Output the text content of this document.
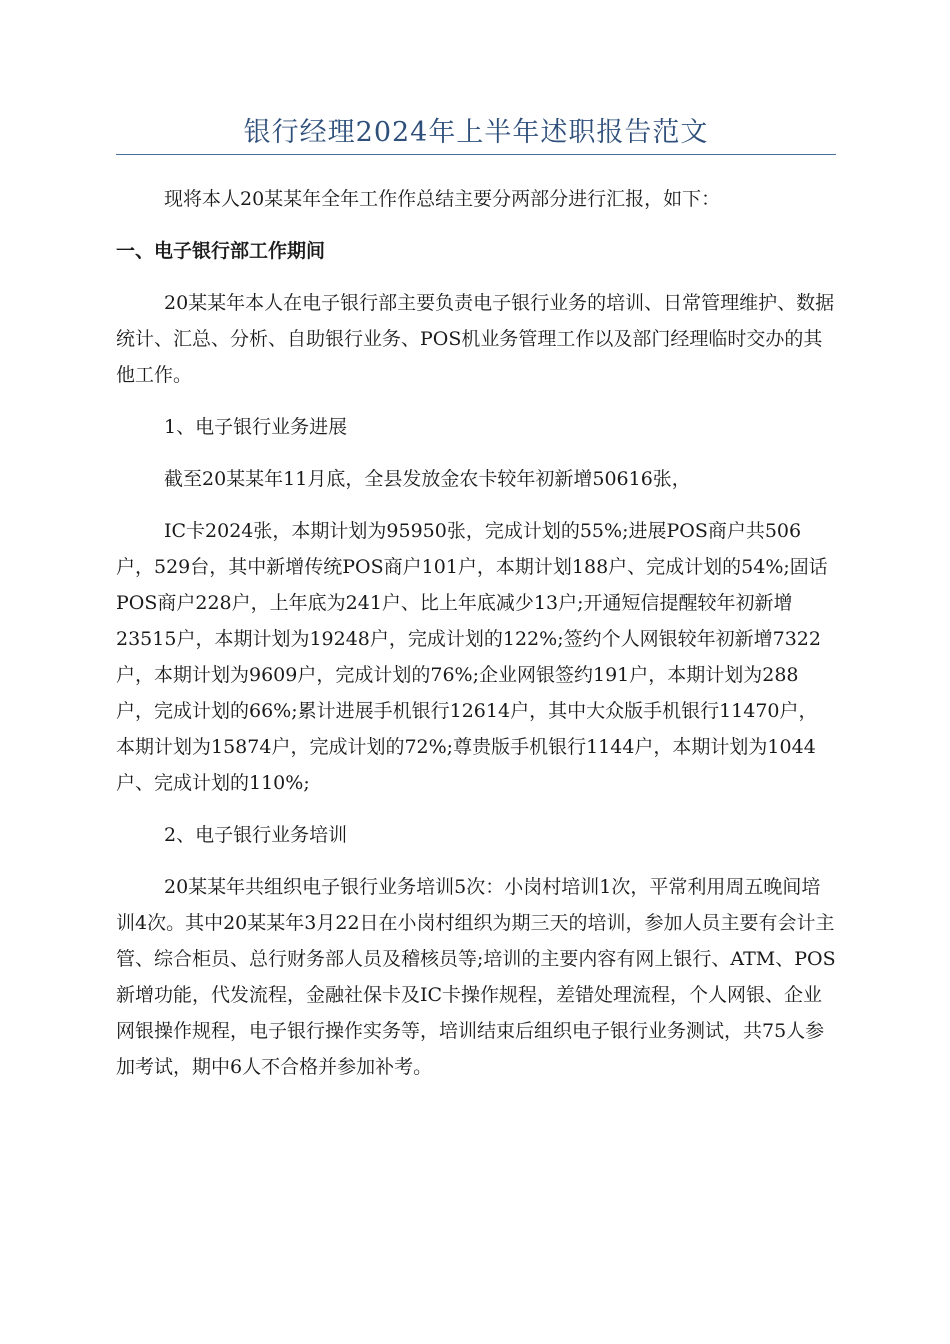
银行经理2024年上半年述职报告范文

现将本人20某某年全年工作作总结主要分两部分进行汇报，如下：

一、电子银行部工作期间

20某某年本人在电子银行部主要负责电子银行业务的培训、日常管理维护、数据统计、汇总、分析、自助银行业务、POS机业务管理工作以及部门经理临时交办的其他工作。

1、电子银行业务进展

截至20某某年11月底，全县发放金农卡较年初新增50616张，

IC卡2024张，本期计划为95950张，完成计划的55%;进展POS商户共506户，529台，其中新增传统POS商户101户，本期计划188户、完成计划的54%;固话POS商户228户，上年底为241户、比上年底减少13户;开通短信提醒较年初新增23515户，本期计划为19248户，完成计划的122%;签约个人网银较年初新增7322户，本期计划为9609户，完成计划的76%;企业网银签约191户，本期计划为288户，完成计划的66%;累计进展手机银行12614户，其中大众版手机银行11470户，本期计划为15874户，完成计划的72%;尊贵版手机银行1144户，本期计划为1044户、完成计划的110%;

2、电子银行业务培训

20某某年共组织电子银行业务培训5次：小岗村培训1次，平常利用周五晚间培训4次。其中20某某年3月22日在小岗村组织为期三天的培训，参加人员主要有会计主管、综合柜员、总行财务部人员及稽核员等;培训的主要内容有网上银行、ATM、POS新增功能，代发流程，金融社保卡及IC卡操作规程，差错处理流程，个人网银、企业网银操作规程，电子银行操作实务等，培训结束后组织电子银行业务测试，共75人参加考试，期中6人不合格并参加补考。
